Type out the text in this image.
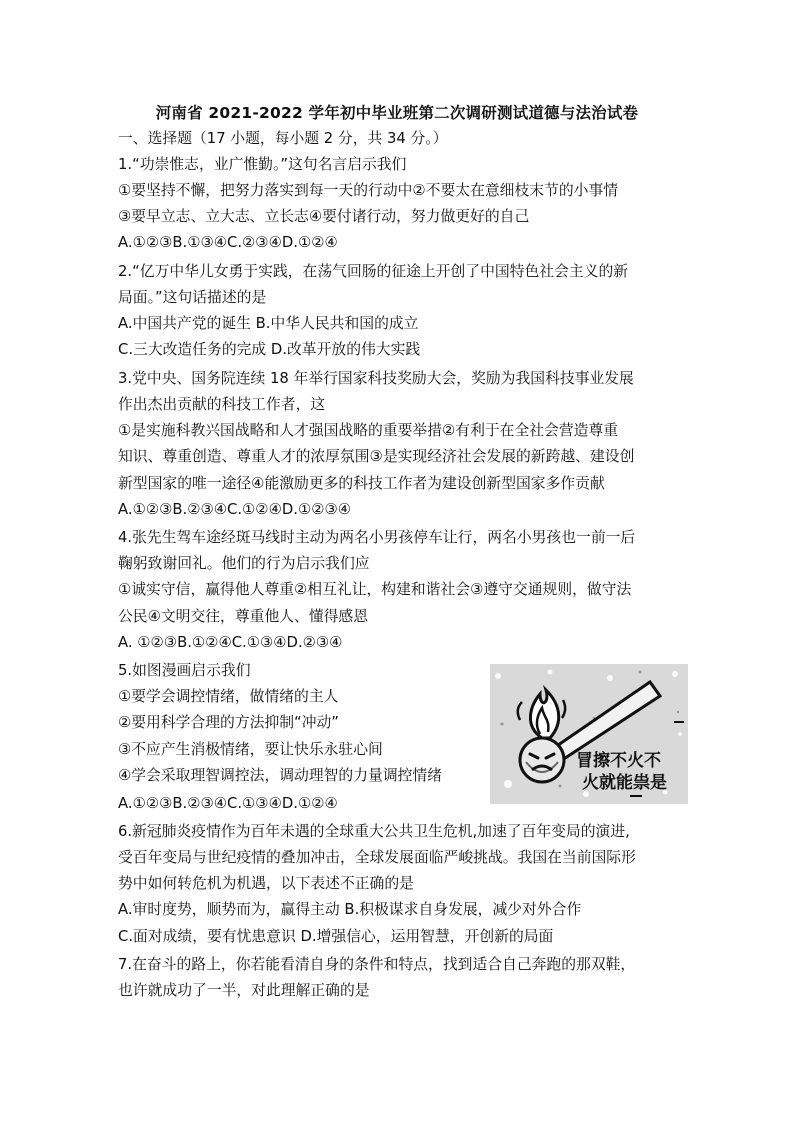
河南省 2021-2022 学年初中毕业班第二次调研测试道德与法治试卷
一、选择题（17 小题，每小题 2 分，共 34 分。）
1.“功崇惟志，业广惟勤。”这句名言启示我们
①要坚持不懈，把努力落实到每一天的行动中②不要太在意细枝末节的小事情
③要早立志、立大志、立长志④要付诸行动，努力做更好的自己
A.①②③B.①③④C.②③④D.①②④
2.“亿万中华儿女勇于实践，在荡气回肠的征途上开创了中国特色社会主义的新
局面。”这句话描述的是
A.中国共产党的诞生 B.中华人民共和国的成立
C.三大改造任务的完成 D.改革开放的伟大实践
3.党中央、国务院连续 18 年举行国家科技奖励大会，奖励为我国科技事业发展
作出杰出贡献的科技工作者，这
①是实施科教兴国战略和人才强国战略的重要举措②有利于在全社会营造尊重
知识、尊重创造、尊重人才的浓厚氛围③是实现经济社会发展的新跨越、建设创
新型国家的唯一途径④能激励更多的科技工作者为建设创新型国家多作贡献
A.①②③B.②③④C.①②④D.①②③④
4.张先生驾车途经斑马线时主动为两名小男孩停车让行，两名小男孩也一前一后
鞠躬致谢回礼。他们的行为启示我们应
①诚实守信，赢得他人尊重②相互礼让，构建和谐社会③遵守交通规则，做守法
公民④文明交往，尊重他人、懂得感恩
A. ①②③B.①②④C.①③④D.②③④
5.如图漫画启示我们
①要学会调控情绪，做情绪的主人
②要用科学合理的方法抑制“冲动”
③不应产生消极情绪，要让快乐永驻心间
④学会采取理智调控法，调动理智的力量调控情绪
A.①②③B.②③④C.①③④D.①②④
6.新冠肺炎疫情作为百年未遇的全球重大公共卫生危机,加速了百年变局的演进,
受百年变局与世纪疫情的叠加冲击，全球发展面临严峻挑战。我国在当前国际形
势中如何转危机为机遇，以下表述不正确的是
A.审时度势，顺势而为，赢得主动 B.积极谋求自身发展，减少对外合作
C.面对成绩，要有忧患意识 D.增强信心，运用智慧，开创新的局面
7.在奋斗的路上，你若能看清自身的条件和特点，找到适合自己奔跑的那双鞋，
也许就成功了一半，对此理解正确的是
冒擦不火不
火就能祟是
